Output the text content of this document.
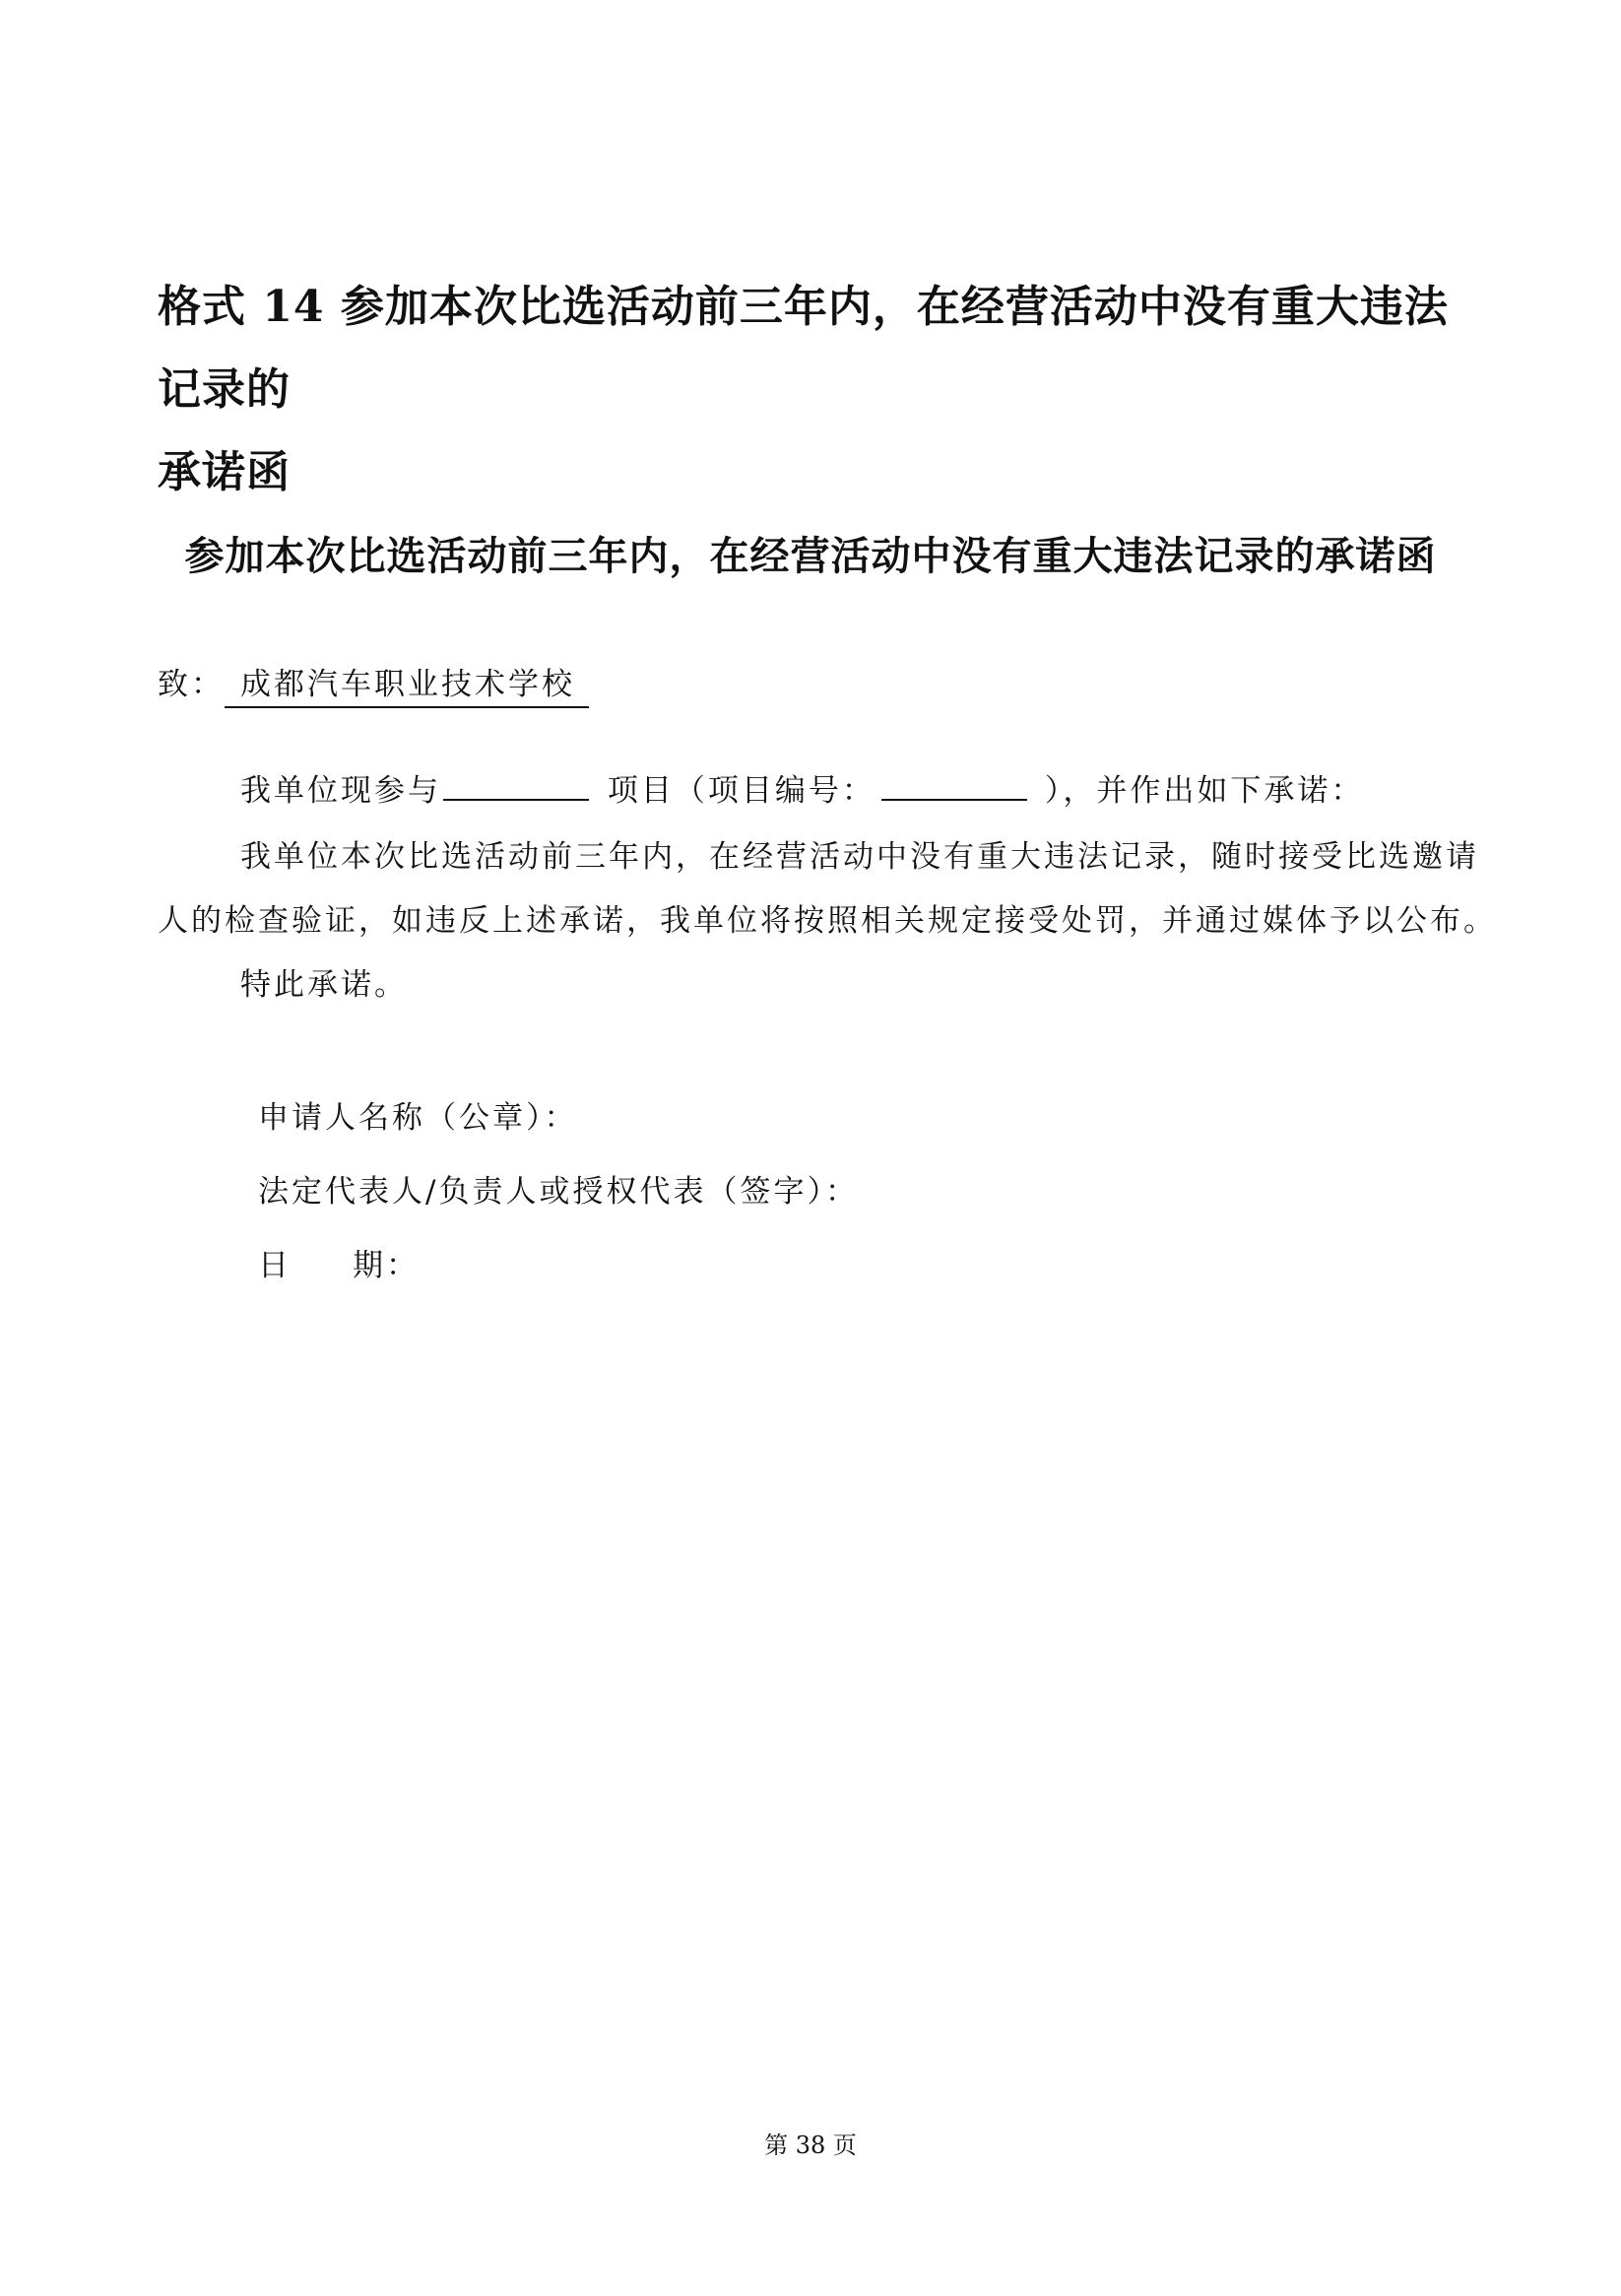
格式 14 参加本次比选活动前三年内，在经营活动中没有重大违法记录的
承诺函
参加本次比选活动前三年内，在经营活动中没有重大违法记录的承诺函
致： 成都汽车职业技术学校
我单位现参与	项目（项目编号：	），并作出如下承诺：
我单位本次比选活动前三年内，在经营活动中没有重大违法记录，随时接受比选邀请
人的检查验证，如违反上述承诺，我单位将按照相关规定接受处罚，并通过媒体予以公布。
特此承诺。
申请人名称（公章）：
法定代表人/负责人或授权代表（签字）：
日 期：
第 38 页
